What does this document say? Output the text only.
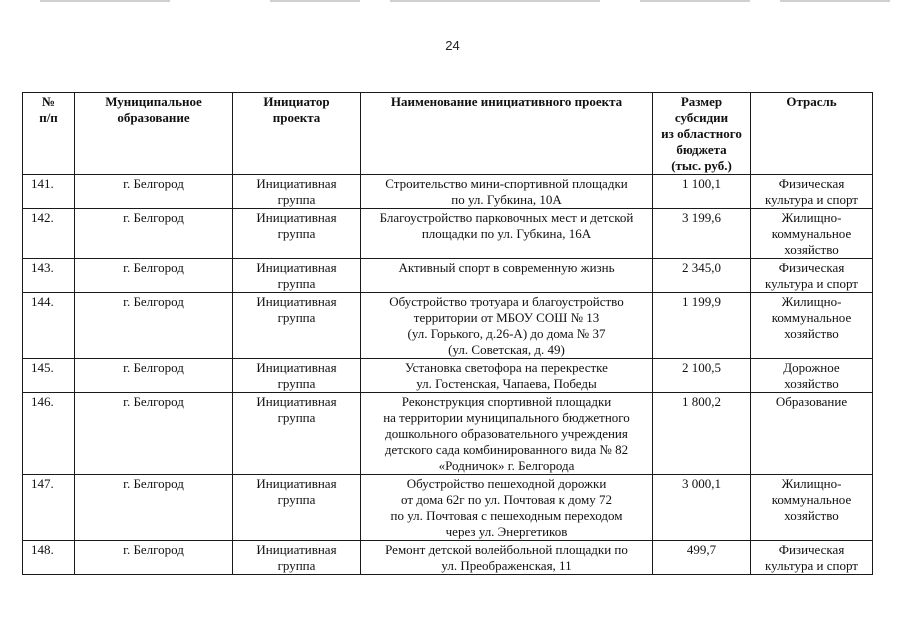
24
№
п/п	Муниципальное
образование	Инициатор
проекта	Наименование инициативного проекта	Размер
субсидии
из областного
бюджета
(тыс. руб.)	Отрасль

141.	г. Белгород	Инициативная
группа	Строительство мини-спортивной площадки
по ул. Губкина, 10А	1 100,1	Физическая
культура и спорт

142.	г. Белгород	Инициативная
группа	Благоустройство парковочных мест и детской
площадки по ул. Губкина, 16А	3 199,6	Жилищно-
коммунальное
хозяйство

143.	г. Белгород	Инициативная
группа	Активный спорт в современную жизнь	2 345,0	Физическая
культура и спорт

144.	г. Белгород	Инициативная
группа	Обустройство тротуара и благоустройство
территории от МБОУ СОШ № 13
(ул. Горького, д.26-А) до дома № 37
(ул. Советская, д. 49)	1 199,9	Жилищно-
коммунальное
хозяйство

145.	г. Белгород	Инициативная
группа	Установка светофора на перекрестке
ул. Гостенская, Чапаева, Победы	2 100,5	Дорожное
хозяйство

146.	г. Белгород	Инициативная
группа	Реконструкция спортивной площадки
на территории муниципального бюджетного
дошкольного образовательного учреждения
детского сада комбинированного вида № 82
«Родничок» г. Белгорода	1 800,2	Образование

147.	г. Белгород	Инициативная
группа	Обустройство пешеходной дорожки
от дома 62г по ул. Почтовая к дому 72
по ул. Почтовая с пешеходным переходом
через ул. Энергетиков	3 000,1	Жилищно-
коммунальное
хозяйство

148.	г. Белгород	Инициативная
группа	Ремонт детской волейбольной площадки по
ул. Преображенская, 11	499,7	Физическая
культура и спорт
